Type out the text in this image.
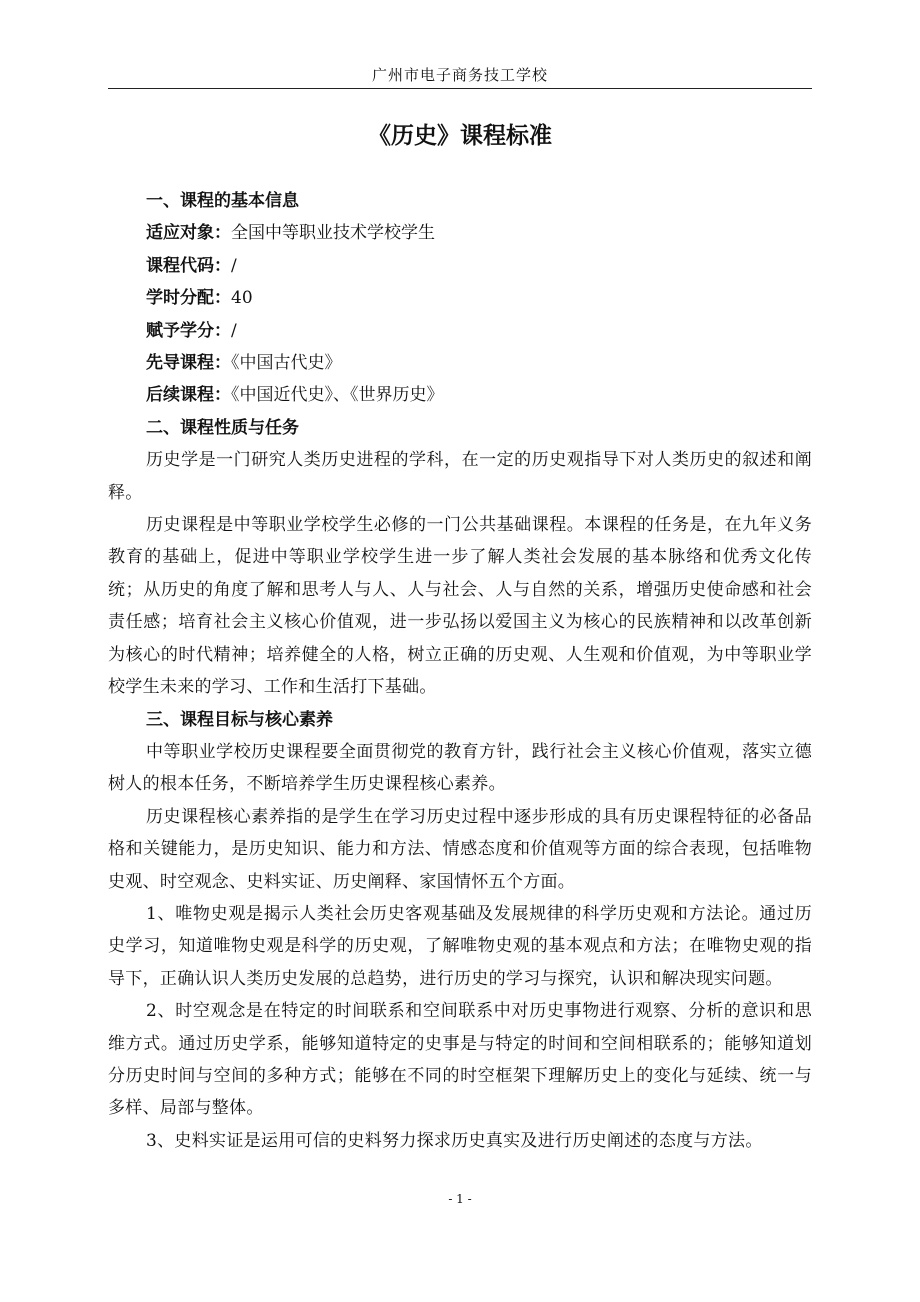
广州市电子商务技工学校
《历史》课程标准

一、课程的基本信息

适应对象：全国中等职业技术学校学生

课程代码：/

学时分配：40

赋予学分：/

先导课程：《中国古代史》

后续课程：《中国近代史》、《世界历史》

二、课程性质与任务

历史学是一门研究人类历史进程的学科，在一定的历史观指导下对人类历史的叙述和阐释。

历史课程是中等职业学校学生必修的一门公共基础课程。本课程的任务是，在九年义务教育的基础上，促进中等职业学校学生进一步了解人类社会发展的基本脉络和优秀文化传统；从历史的角度了解和思考人与人、人与社会、人与自然的关系，增强历史使命感和社会责任感；培育社会主义核心价值观，进一步弘扬以爱国主义为核心的民族精神和以改革创新为核心的时代精神；培养健全的人格，树立正确的历史观、人生观和价值观，为中等职业学校学生未来的学习、工作和生活打下基础。

三、课程目标与核心素养

中等职业学校历史课程要全面贯彻党的教育方针，践行社会主义核心价值观，落实立德树人的根本任务，不断培养学生历史课程核心素养。

历史课程核心素养指的是学生在学习历史过程中逐步形成的具有历史课程特征的必备品格和关键能力，是历史知识、能力和方法、情感态度和价值观等方面的综合表现，包括唯物史观、时空观念、史料实证、历史阐释、家国情怀五个方面。

1、唯物史观是揭示人类社会历史客观基础及发展规律的科学历史观和方法论。通过历史学习，知道唯物史观是科学的历史观，了解唯物史观的基本观点和方法；在唯物史观的指导下，正确认识人类历史发展的总趋势，进行历史的学习与探究，认识和解决现实问题。

2、时空观念是在特定的时间联系和空间联系中对历史事物进行观察、分析的意识和思维方式。通过历史学系，能够知道特定的史事是与特定的时间和空间相联系的；能够知道划分历史时间与空间的多种方式；能够在不同的时空框架下理解历史上的变化与延续、统一与多样、局部与整体。

3、史料实证是运用可信的史料努力探求历史真实及进行历史阐述的态度与方法。

- 1 -
